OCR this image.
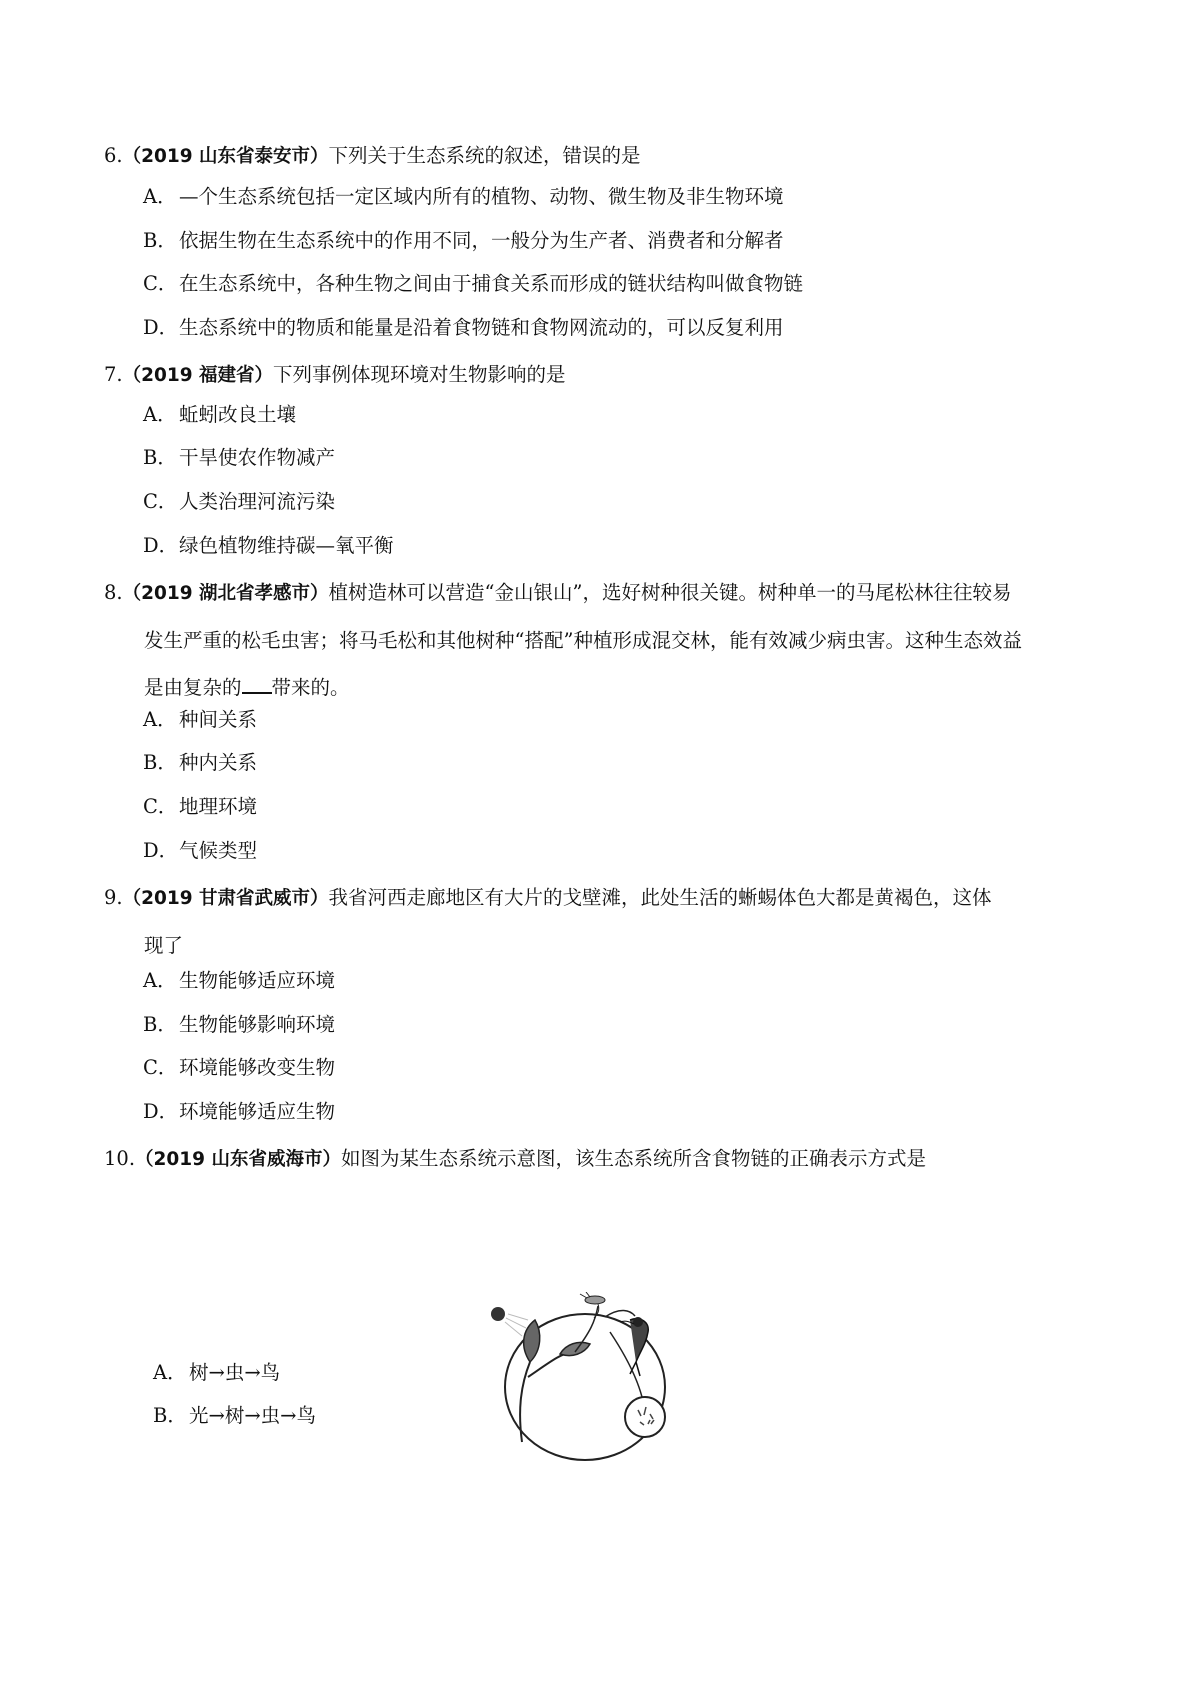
6.（2019 山东省泰安市）下列关于生态系统的叙述，错误的是
A． —个生态系统包括一定区域内所有的植物、动物、微生物及非生物环境
B． 依据生物在生态系统中的作用不同，一般分为生产者、消费者和分解者
C．在生态系统中，各种生物之间由于捕食关系而形成的链状结构叫做食物链
D．生态系统中的物质和能量是沿着食物链和食物网流动的，可以反复利用
7.（2019 福建省）下列事例体现环境对生物影响的是
A． 蚯蚓改良土壤
B． 干旱使农作物减产
C．人类治理河流污染
D．绿色植物维持碳—氧平衡
8.（2019 湖北省孝感市）植树造林可以营造“金山银山”，选好树种很关键。树种单一的马尾松林往往较易
发生严重的松毛虫害；将马毛松和其他树种“搭配”种植形成混交林，能有效减少病虫害。这种生态效益
是由复杂的 带来的。
A． 种间关系
B． 种内关系
C．地理环境
D．气候类型
9.（2019 甘肃省武威市）我省河西走廊地区有大片的戈壁滩，此处生活的蜥蜴体色大都是黄褐色，这体
现了
A． 生物能够适应环境
B． 生物能够影响环境
C．环境能够改变生物
D．环境能够适应生物
10.（2019 山东省威海市）如图为某生态系统示意图，该生态系统所含食物链的正确表示方式是
A． 树→虫→鸟
B． 光→树→虫→鸟
